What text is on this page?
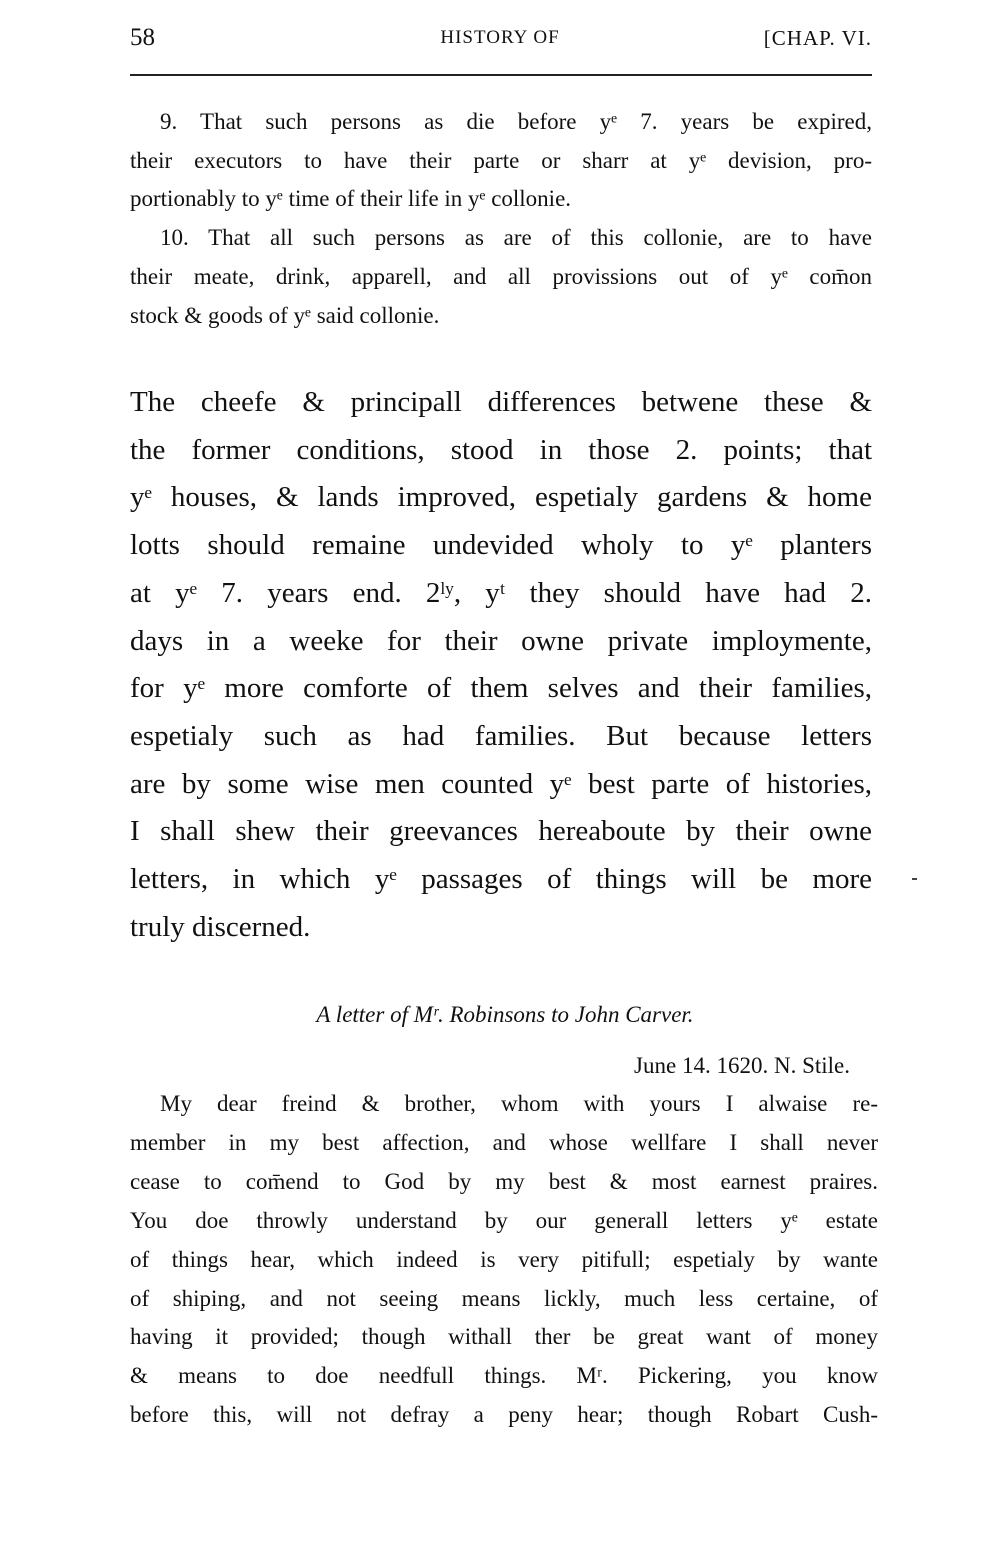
58	HISTORY OF	[CHAP. VI.
9. That such persons as die before yᵉ 7. years be expired,
their executors to have their parte or sharr at yᵉ devision, pro-
portionably to yᵉ time of their life in yᵉ collonie.
10. That all such persons as are of this collonie, are to have
their meate, drink, apparell, and all provissions out of yᵉ com̄on
stock & goods of yᵉ said collonie.
The cheefe & principall differences betwene these &
the former conditions, stood in those 2. points; that
yᵉ houses, & lands improved, espetialy gardens & home
lotts should remaine undevided wholy to yᵉ planters
at yᵉ 7. years end. 2ˡʸ, yᵗ they should have had 2.
days in a weeke for their owne private imploymente,
for yᵉ more comforte of them selves and their families,
espetialy such as had families. But because letters
are by some wise men counted yᵉ best parte of histories,
I shall shew their greevances hereaboute by their owne
letters, in which yᵉ passages of things will be more
truly discerned.
A letter of Mʳ. Robinsons to John Carver.
June 14. 1620. N. Stile.
My dear freind & brother, whom with yours I alwaise re-
member in my best affection, and whose wellfare I shall never
cease to com̄end to God by my best & most earnest praires.
You doe throwly understand by our generall letters yᵉ estate
of things hear, which indeed is very pitifull; espetialy by wante
of shiping, and not seeing means lickly, much less certaine, of
having it provided; though withall ther be great want of money
& means to doe needfull things. Mʳ. Pickering, you know
before this, will not defray a peny hear; though Robart Cush-
